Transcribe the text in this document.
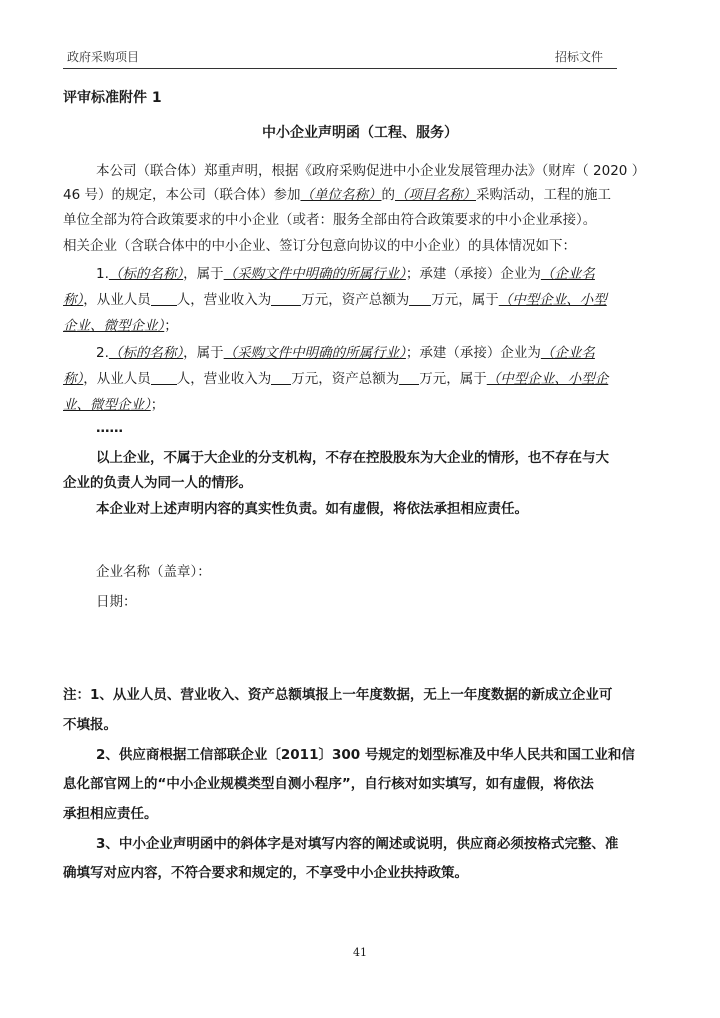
政府采购项目	招标文件
评审标准附件 1
中小企业声明函（工程、服务）
本公司（联合体）郑重声明，根据《政府采购促进中小企业发展管理办法》（财库（ 2020 ）
46 号）的规定，本公司（联合体）参加（单位名称）的（项目名称）采购活动，工程的施工
单位全部为符合政策要求的中小企业（或者：服务全部由符合政策要求的中小企业承接）。
相关企业（含联合体中的中小企业、签订分包意向协议的中小企业）的具体情况如下：
1.（标的名称），属于（采购文件中明确的所属行业）；承建（承接）企业为（企业名
称），从业人员 人，营业收入为 万元，资产总额为 万元，属于（中型企业、小型
企业、微型企业）；
2.（标的名称），属于（采购文件中明确的所属行业）；承建（承接）企业为（企业名
称），从业人员 人，营业收入为 万元，资产总额为 万元，属于（中型企业、小型企
业、微型企业）；
……
以上企业，不属于大企业的分支机构，不存在控股股东为大企业的情形，也不存在与大
企业的负责人为同一人的情形。
本企业对上述声明内容的真实性负责。如有虚假，将依法承担相应责任。
企业名称（盖章）：
日期：
注：1、从业人员、营业收入、资产总额填报上一年度数据，无上一年度数据的新成立企业可
不填报。
2、供应商根据工信部联企业〔2011〕300 号规定的划型标准及中华人民共和国工业和信
息化部官网上的“中小企业规模类型自测小程序”，自行核对如实填写，如有虚假，将依法
承担相应责任。
3、中小企业声明函中的斜体字是对填写内容的阐述或说明，供应商必须按格式完整、准
确填写对应内容，不符合要求和规定的，不享受中小企业扶持政策。
41
